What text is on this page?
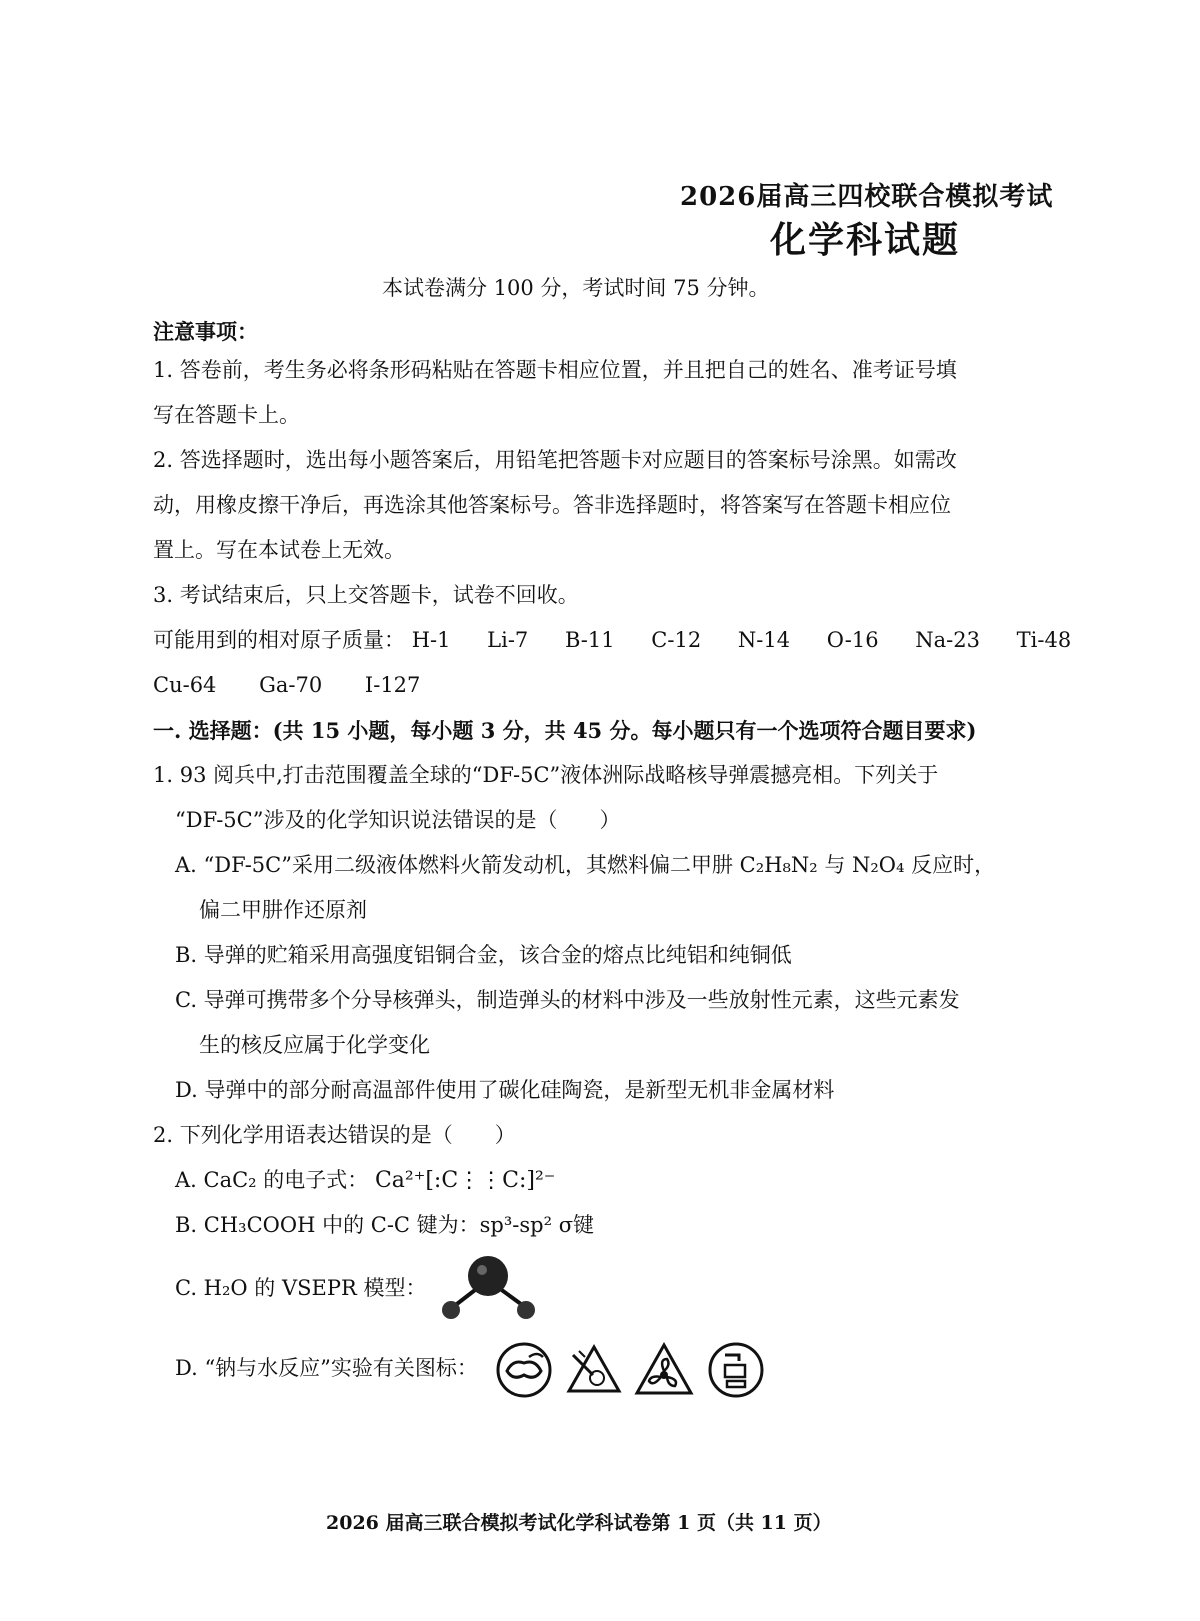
2026届高三四校联合模拟考试
化学科试题
本试卷满分 100 分，考试时间 75 分钟。
注意事项：
1. 答卷前，考生务必将条形码粘贴在答题卡相应位置，并且把自己的姓名、准考证号填
写在答题卡上。
2. 答选择题时，选出每小题答案后，用铅笔把答题卡对应题目的答案标号涂黑。如需改
动，用橡皮擦干净后，再选涂其他答案标号。答非选择题时，将答案写在答题卡相应位
置上。写在本试卷上无效。
3. 考试结束后，只上交答题卡，试卷不回收。
可能用到的相对原子质量： H-1 Li-7 B-11 C-12 N-14 O-16 Na-23 Ti-48
Cu-64 Ga-70 I-127
一. 选择题：(共 15 小题，每小题 3 分，共 45 分。每小题只有一个选项符合题目要求)
1. 93 阅兵中,打击范围覆盖全球的“DF-5C”液体洲际战略核导弹震撼亮相。下列关于
“DF-5C”涉及的化学知识说法错误的是（　　）
A. “DF-5C”采用二级液体燃料火箭发动机，其燃料偏二甲肼 C₂H₈N₂ 与 N₂O₄ 反应时，
偏二甲肼作还原剂
B. 导弹的贮箱采用高强度铝铜合金，该合金的熔点比纯铝和纯铜低
C. 导弹可携带多个分导核弹头，制造弹头的材料中涉及一些放射性元素，这些元素发
生的核反应属于化学变化
D. 导弹中的部分耐高温部件使用了碳化硅陶瓷，是新型无机非金属材料
2. 下列化学用语表达错误的是（　　）
A. CaC₂ 的电子式： Ca²⁺[:C⋮⋮C:]²⁻
B. CH₃COOH 中的 C-C 键为：sp³-sp² σ键
C. H₂O 的 VSEPR 模型：
D. “钠与水反应”实验有关图标：
2026 届高三联合模拟考试化学科试卷第 1 页（共 11 页）
